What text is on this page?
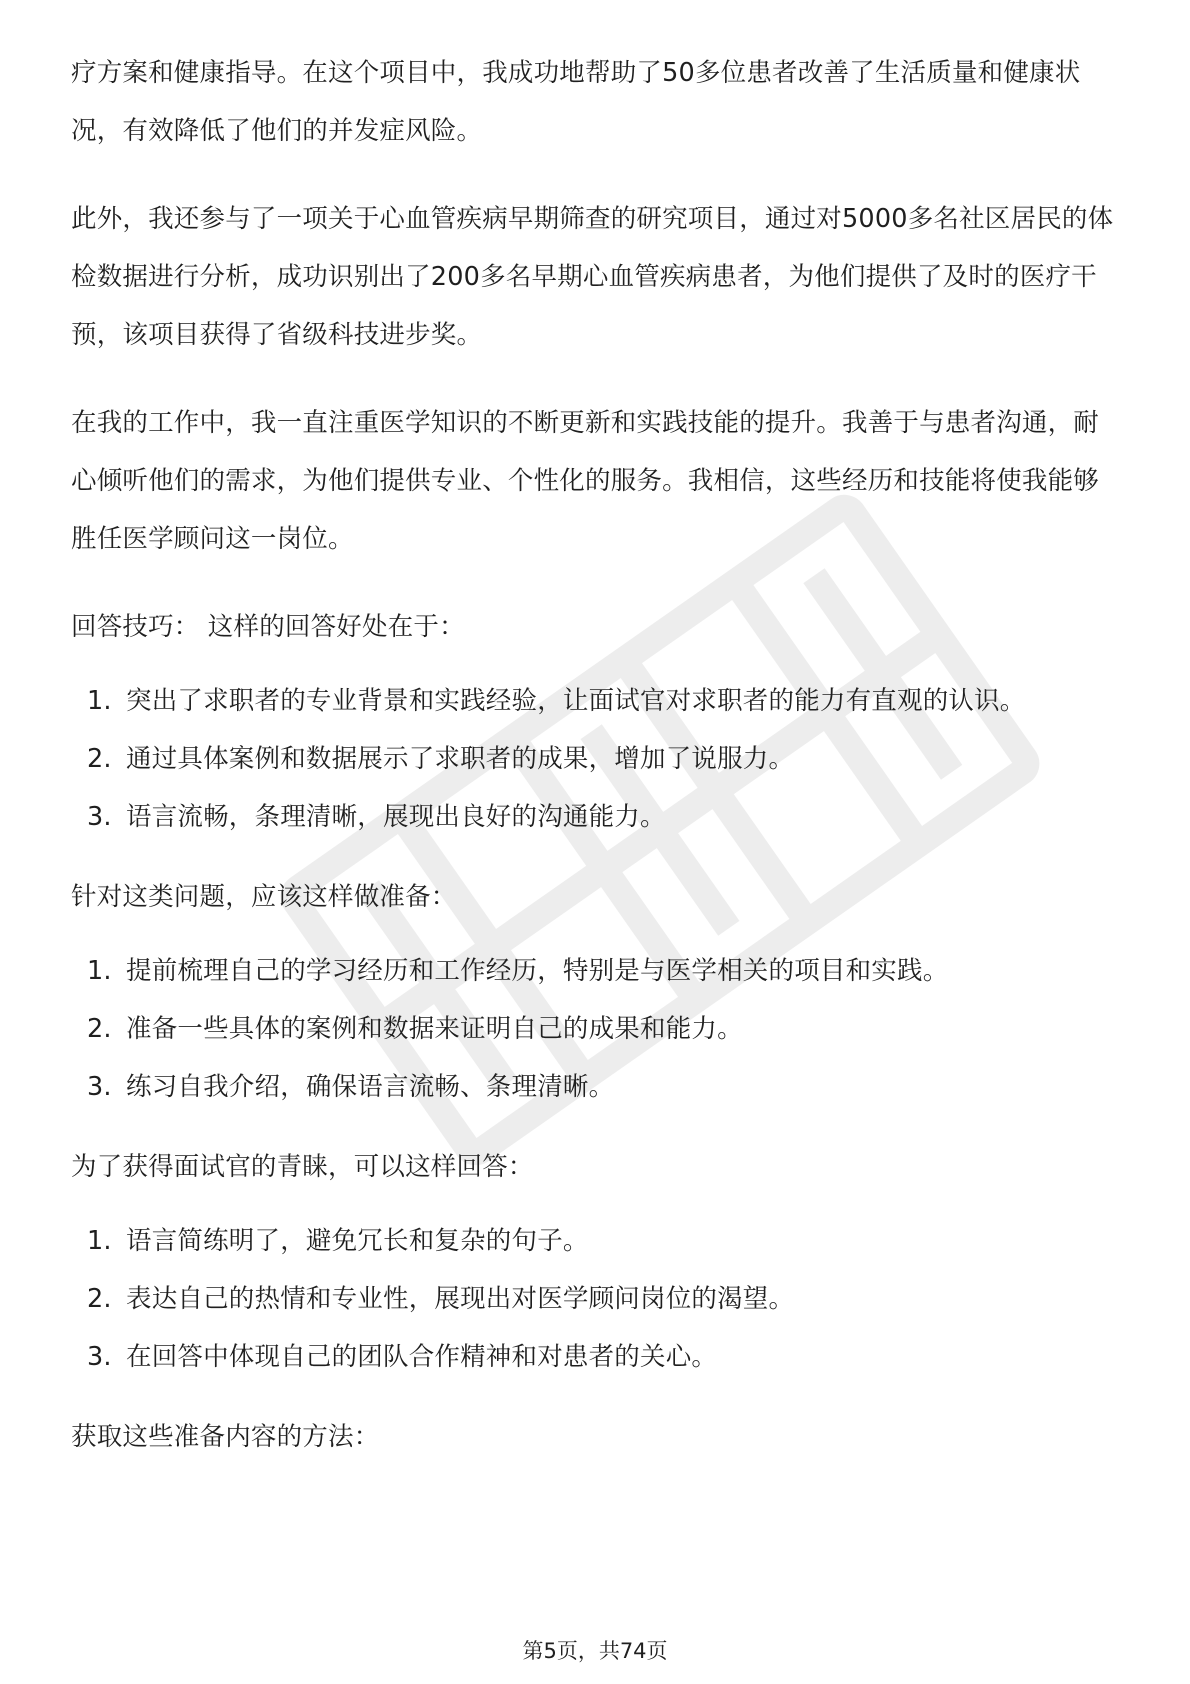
疗方案和健康指导。在这个项目中，我成功地帮助了50多位患者改善了生活质量和健康状况，有效降低了他们的并发症风险。

此外，我还参与了一项关于心血管疾病早期筛查的研究项目，通过对5000多名社区居民的体检数据进行分析，成功识别出了200多名早期心血管疾病患者，为他们提供了及时的医疗干预，该项目获得了省级科技进步奖。

在我的工作中，我一直注重医学知识的不断更新和实践技能的提升。我善于与患者沟通，耐心倾听他们的需求，为他们提供专业、个性化的服务。我相信，这些经历和技能将使我能够胜任医学顾问这一岗位。

回答技巧： 这样的回答好处在于：

1. 突出了求职者的专业背景和实践经验，让面试官对求职者的能力有直观的认识。
2. 通过具体案例和数据展示了求职者的成果，增加了说服力。
3. 语言流畅，条理清晰，展现出良好的沟通能力。

针对这类问题，应该这样做准备：

1. 提前梳理自己的学习经历和工作经历，特别是与医学相关的项目和实践。
2. 准备一些具体的案例和数据来证明自己的成果和能力。
3. 练习自我介绍，确保语言流畅、条理清晰。

为了获得面试官的青睐，可以这样回答：

1. 语言简练明了，避免冗长和复杂的句子。
2. 表达自己的热情和专业性，展现出对医学顾问岗位的渴望。
3. 在回答中体现自己的团队合作精神和对患者的关心。

获取这些准备内容的方法：

第5页，共74页
